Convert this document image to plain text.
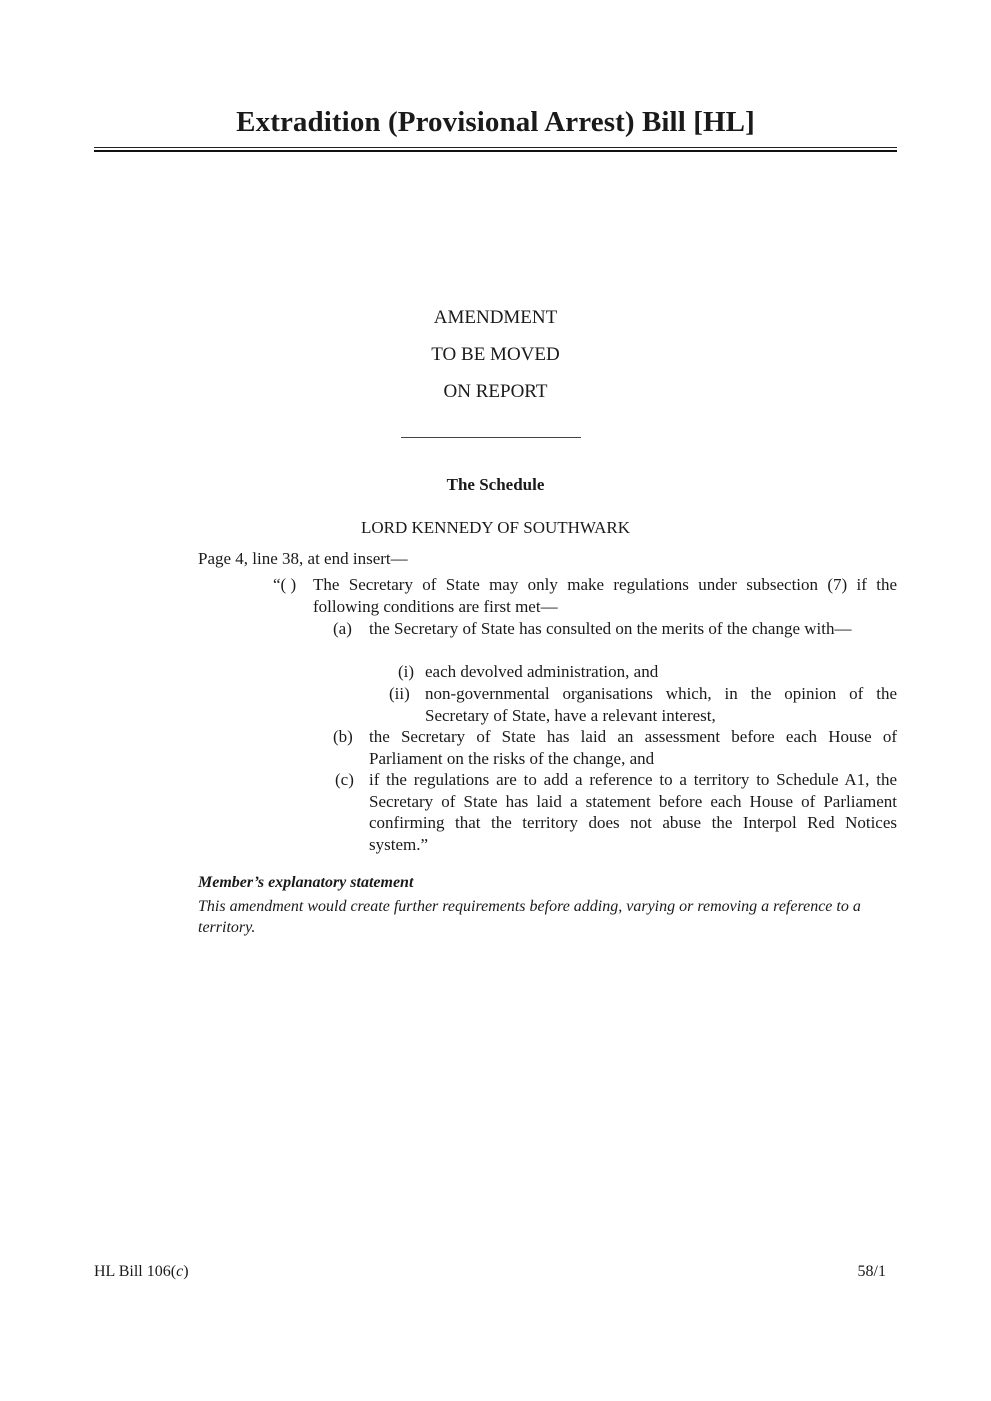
Extradition (Provisional Arrest) Bill [HL]
AMENDMENT
TO BE MOVED
ON REPORT
The Schedule
LORD KENNEDY OF SOUTHWARK
Page 4, line 38, at end insert—
“( ) The Secretary of State may only make regulations under subsection (7) if the following conditions are first met—
(a) the Secretary of State has consulted on the merits of the change with—
(i) each devolved administration, and
(ii) non-governmental organisations which, in the opinion of the Secretary of State, have a relevant interest,
(b) the Secretary of State has laid an assessment before each House of Parliament on the risks of the change, and
(c) if the regulations are to add a reference to a territory to Schedule A1, the Secretary of State has laid a statement before each House of Parliament confirming that the territory does not abuse the Interpol Red Notices system.”
Member’s explanatory statement
This amendment would create further requirements before adding, varying or removing a reference to a territory.
HL Bill 106(c)	58/1
